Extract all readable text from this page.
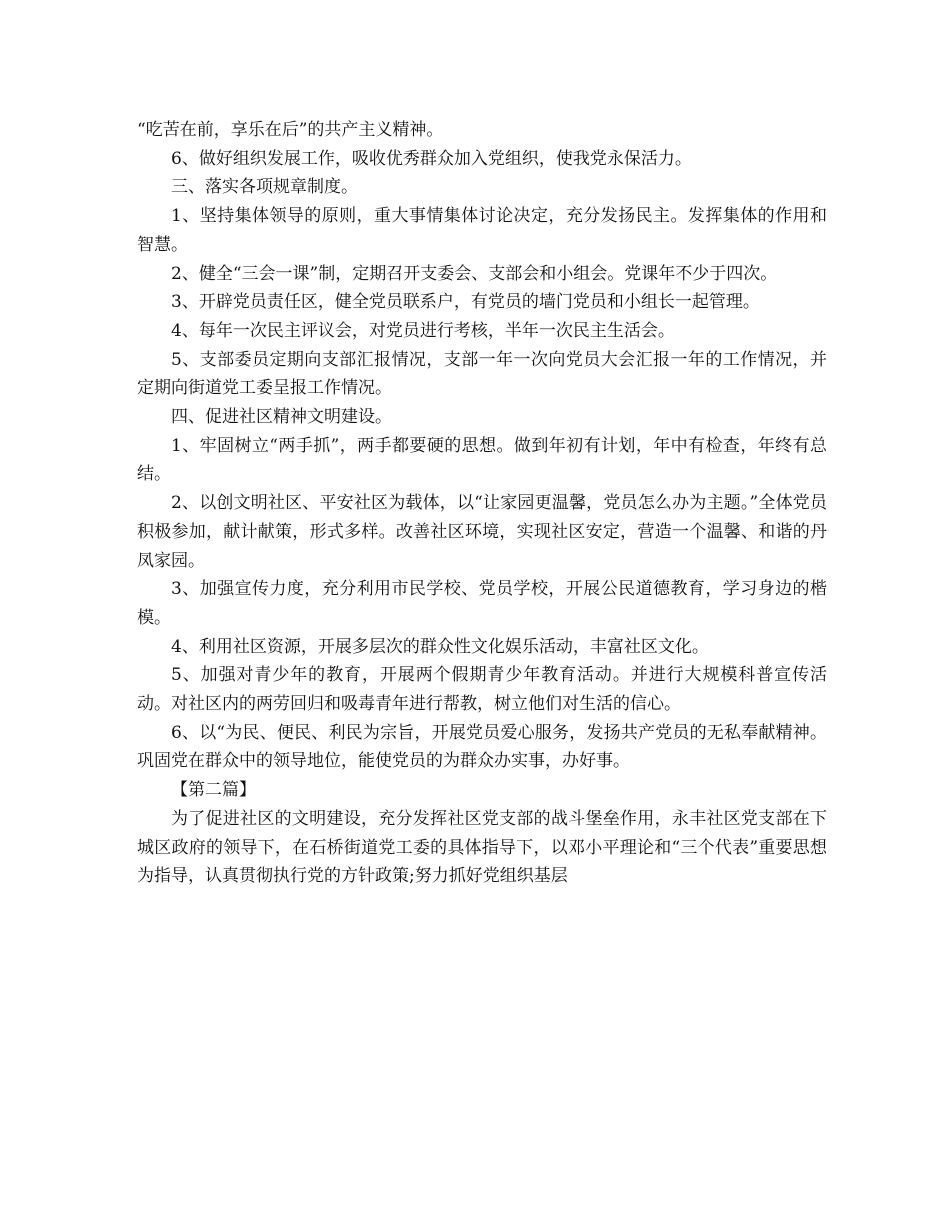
“吃苦在前，享乐在后”的共产主义精神。

6、做好组织发展工作，吸收优秀群众加入党组织，使我党永保活力。

三、落实各项规章制度。

1、坚持集体领导的原则，重大事情集体讨论决定，充分发扬民主。发挥集体的作用和智慧。

2、健全“三会一课”制，定期召开支委会、支部会和小组会。党课年不少于四次。

3、开辟党员责任区，健全党员联系户，有党员的墙门党员和小组长一起管理。

4、每年一次民主评议会，对党员进行考核，半年一次民主生活会。

5、支部委员定期向支部汇报情况，支部一年一次向党员大会汇报一年的工作情况，并定期向街道党工委呈报工作情况。

四、促进社区精神文明建设。

1、牢固树立“两手抓”，两手都要硬的思想。做到年初有计划，年中有检查，年终有总结。

2、以创文明社区、平安社区为载体，以“让家园更温馨，党员怎么办为主题。”全体党员积极参加，献计献策，形式多样。改善社区环境，实现社区安定，营造一个温馨、和谐的丹凤家园。

3、加强宣传力度，充分利用市民学校、党员学校，开展公民道德教育，学习身边的楷模。

4、利用社区资源，开展多层次的群众性文化娱乐活动，丰富社区文化。

5、加强对青少年的教育，开展两个假期青少年教育活动。并进行大规模科普宣传活动。对社区内的两劳回归和吸毒青年进行帮教，树立他们对生活的信心。

6、以“为民、便民、利民为宗旨，开展党员爱心服务，发扬共产党员的无私奉献精神。巩固党在群众中的领导地位，能使党员的为群众办实事，办好事。

【第二篇】

为了促进社区的文明建设，充分发挥社区党支部的战斗堡垒作用，永丰社区党支部在下城区政府的领导下，在石桥街道党工委的具体指导下，以邓小平理论和“三个代表”重要思想为指导，认真贯彻执行党的方针政策;努力抓好党组织基层
